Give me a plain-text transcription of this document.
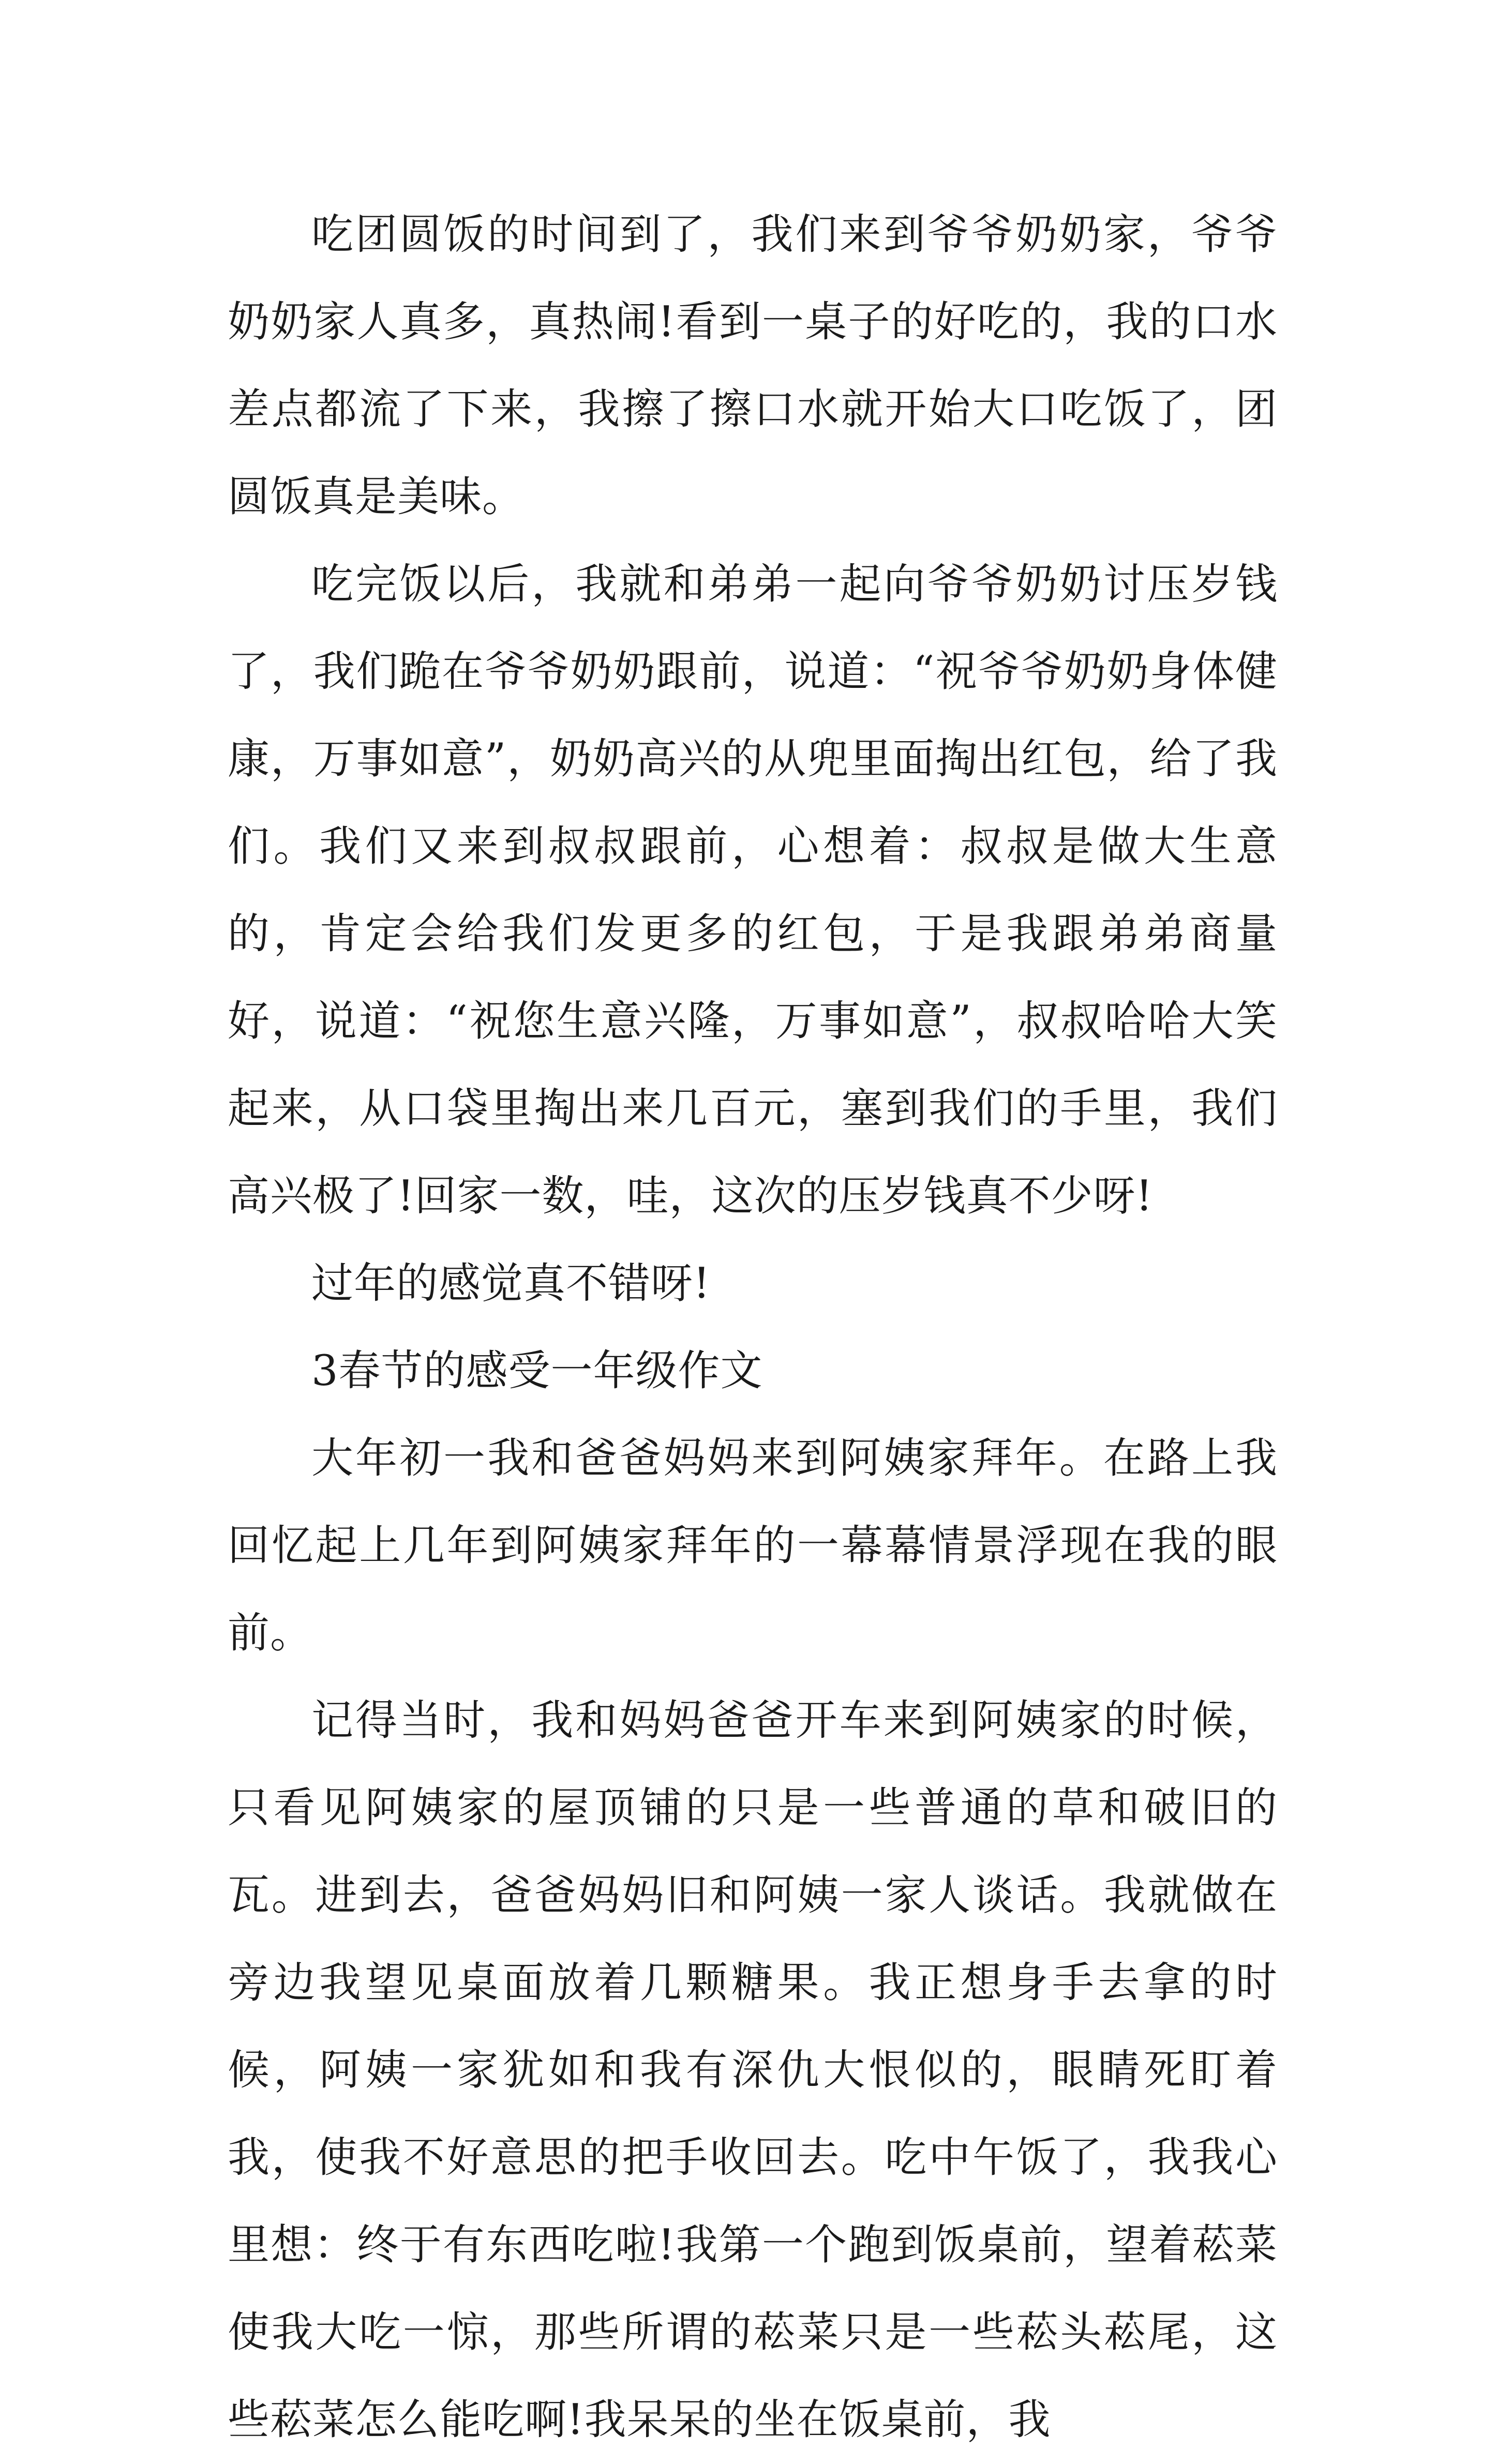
吃团圆饭的时间到了，我们来到爷爷奶奶家，爷爷奶奶家人真多，真热闹!看到一桌子的好吃的，我的口水差点都流了下来，我擦了擦口水就开始大口吃饭了，团圆饭真是美味。

吃完饭以后，我就和弟弟一起向爷爷奶奶讨压岁钱了，我们跪在爷爷奶奶跟前，说道：“祝爷爷奶奶身体健康，万事如意”，奶奶高兴的从兜里面掏出红包，给了我们。我们又来到叔叔跟前，心想着：叔叔是做大生意的，肯定会给我们发更多的红包，于是我跟弟弟商量好，说道：“祝您生意兴隆，万事如意”，叔叔哈哈大笑起来，从口袋里掏出来几百元，塞到我们的手里，我们高兴极了!回家一数，哇，这次的压岁钱真不少呀!

过年的感觉真不错呀!

3春节的感受一年级作文

大年初一我和爸爸妈妈来到阿姨家拜年。在路上我回忆起上几年到阿姨家拜年的一幕幕情景浮现在我的眼前。

记得当时，我和妈妈爸爸开车来到阿姨家的时候，只看见阿姨家的屋顶铺的只是一些普通的草和破旧的瓦。进到去，爸爸妈妈旧和阿姨一家人谈话。我就做在旁边我望见桌面放着几颗糖果。我正想身手去拿的时候，阿姨一家犹如和我有深仇大恨似的，眼睛死盯着我，使我不好意思的把手收回去。吃中午饭了，我我心里想：终于有东西吃啦!我第一个跑到饭桌前，望着菘菜使我大吃一惊，那些所谓的菘菜只是一些菘头菘尾，这些菘菜怎么能吃啊!我呆呆的坐在饭桌前，我
